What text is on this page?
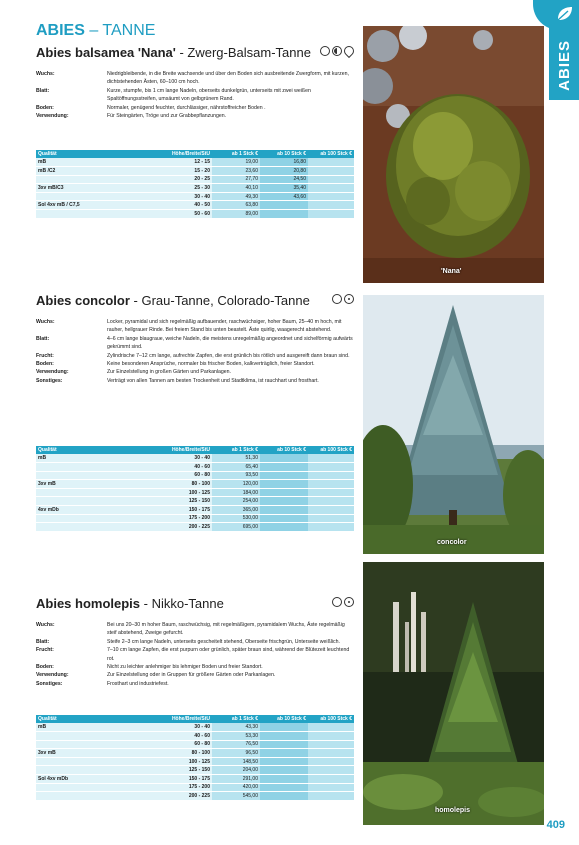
ABIES
ABIES – TANNE
Abies balsamea 'Nana' - Zwerg-Balsam-Tanne
Wuchs:	Niedrigbleibende, in die Breite wachsende und über den Boden sich ausbreitende Zwergform, mit kurzen, dichtstehenden Ästen, 60–100 cm hoch.
Blatt:	Kurze, stumpfe, bis 1 cm lange Nadeln, oberseits dunkelgrün, unterseits mit zwei weißen Spaltöffnungsstreifen, umsäumt von gelbgrünem Rand.
Boden:	Normaler, genügend feuchter, durchlässiger, nährstoffreicher Boden .
Verwendung:	Für Steingärten, Tröge und zur Grabbepflanzungen.
Qualität	Höhe/Breite/StU	ab 1 Stck €	ab 10 Stck €	ab 100 Stck €
mB	12 - 15	19,00	16,80	
mB /C2	15 - 20	23,60	20,80	
	20 - 25	27,70	24,50	
3xv mB/C3	25 - 30	40,10	35,40	
	30 - 40	49,30	43,60	
Sol 4xv mB / C7,5	40 - 50	63,80		
	50 - 60	89,00		
Abies concolor - Grau-Tanne, Colorado-Tanne
Wuchs:	Locker, pyramidal und sich regelmäßig aufbauender, raschwüchsiger, hoher Baum, 25–40 m hoch, mit rauher, hellgrauer Rinde. Bei freiem Stand bis unten beastelt. Äste quirlig, waagerecht abstehend.
Blatt:	4–6 cm lange blaugraue, weiche Nadeln, die meistens unregelmäßig angeordnet und sichelförmig aufwärts gekrümmt sind.
Frucht:	Zylindrische 7–12 cm lange, aufrechte Zapfen, die erst grünlich bis rötlich und ausgereift dann braun sind.
Boden:	Keine besonderen Ansprüche, normaler bis frischer Boden, kalkverträglich, freier Standort.
Verwendung:	Zur Einzelstellung in großen Gärten und Parkanlagen.
Sonstiges:	Verträgt von allen Tannen am besten Trockenheit und Stadtklima, ist rauchhart und frosthart.
Qualität	Höhe/Breite/StU	ab 1 Stck €	ab 10 Stck €	ab 100 Stck €
mB	30 - 40	51,30		
	40 - 60	65,40		
	60 - 80	93,50		
3xv mB	80 - 100	120,00		
	100 - 125	184,00		
	125 - 150	254,00		
4xv mDb	150 - 175	365,00		
	175 - 200	530,00		
	200 - 225	695,00		
Abies homolepis - Nikko-Tanne
Wuchs:	Bei uns 20–30 m hoher Baum, raschwüchsig, mit regelmäßigem, pyramidalem Wuchs, Äste regelmäßig steif abstehend, Zweige gefurcht.
Blatt:	Steife 2–3 cm lange Nadeln, unterseits gescheitelt stehend, Oberseite frischgrün, Unterseite weißlich.
Frucht:	7–10 cm lange Zapfen, die erst purpurn oder grünlich, später braun sind, während der Blütezeit leuchtend rot.
Boden:	Nicht zu leichter anlehmiger bis lehmiger Boden und freier Standort.
Verwendung:	Zur Einzelstellung oder in Gruppen für größere Gärten oder Parkanlagen.
Sonstiges:	Frosthart und industriefest.
Qualität	Höhe/Breite/StU	ab 1 Stck €	ab 10 Stck €	ab 100 Stck €
mB	30 - 40	43,30		
	40 - 60	53,30		
	60 - 80	76,50		
3xv mB	80 - 100	96,50		
	100 - 125	148,50		
	125 - 150	204,00		
Sol 4xv mDb	150 - 175	291,00		
	175 - 200	420,00		
	200 - 225	545,00		
'Nana'
concolor
homolepis
409
